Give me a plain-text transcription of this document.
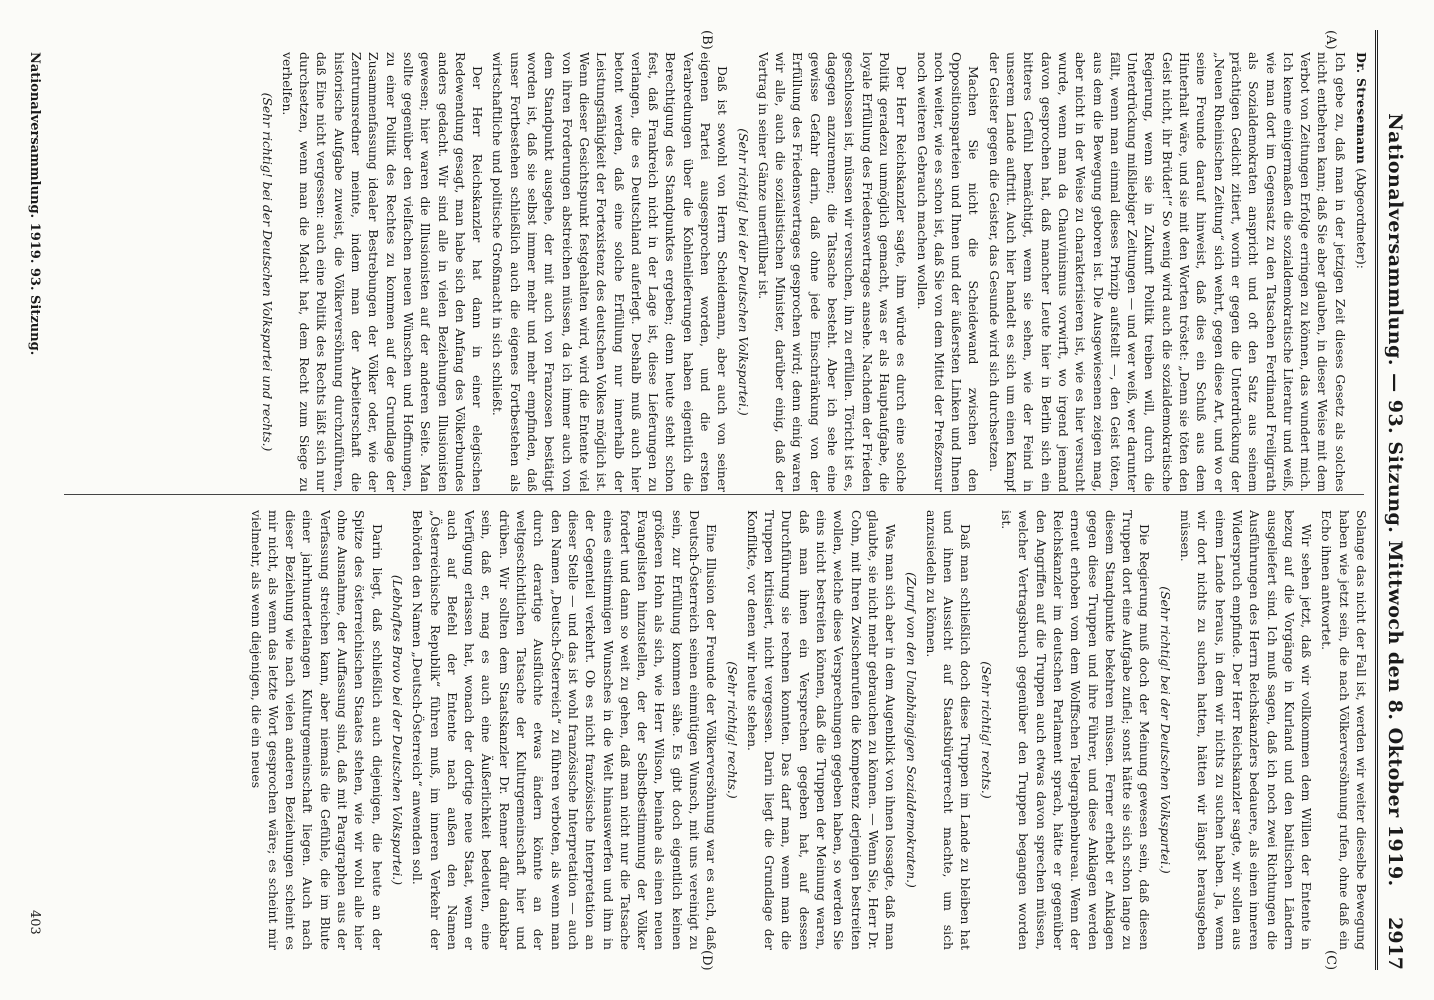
Nationalversammlung. — 93. Sitzung. Mittwoch den 8. Oktober 1919.
2917
(A)
(B)
(C)
(D)
Dr. Stresemann (Abgeordneter):

Ich gebe zu, daß man in der jetzigen Zeit dieses Gesetz als solches nicht entbehren kann; daß Sie aber glauben, in dieser Weise mit dem Verbot von Zeitungen Erfolge erringen zu können, das wundert mich. Ich kenne einigermaßen die sozialdemokratische Literatur und weiß, wie man dort im Gegensatz zu den Tatsachen Ferdinand Freiligrath als Sozialdemokraten anspricht und oft den Satz aus seinem prächtigen Gedicht zitiert, worin er gegen die Unterdrückung der „Neuen Rheinischen Zeitung“ sich wehrt, gegen diese Art, und wo er seine Freunde darauf hinweist, daß dies ein Schuß aus dem Hinterhalt wäre, und sie mit den Worten tröstet: „Denn sie töten den Geist nicht, ihr Brüder!“ So wenig wird auch die sozialdemokratische Regierung, wenn sie in Zukunft Politik treiben will, durch die Unterdrückung mißliebiger Zeitungen — und wer weiß, wer darunter fällt, wenn man einmal dieses Prinzip aufstellt —, den Geist töten, aus dem die Bewegung geboren ist. Die Ausgewiesenen zeigen mag, aber nicht in der Weise zu charakterisieren ist, wie es hier versucht wurde, wenn man da Chauvinismus vorwirft, wo irgend jemand davon gesprochen hat, daß mancher Leute hier in Berlin sich ein bitteres Gefühl bemächtigt, wenn sie sehen, wie der Feind in unserem Lande auftritt. Auch hier handelt es sich um einen Kampf der Geister gegen die Geister, das Gesunde wird sich durchsetzen.

Machen Sie nicht die Scheidewand zwischen den Oppositionsparteien und Ihnen und der äußersten Linken und Ihnen noch weiter, wie es schon ist, daß Sie von dem Mittel der Preßzensur noch weiteren Gebrauch machen wollen.

Der Herr Reichskanzler sagte, ihm würde es durch eine solche Politik geradezu unmöglich gemacht, was er als Hauptaufgabe, die loyale Erfüllung des Friedensvertrages ansehe. Nachdem der Frieden geschlossen ist, müssen wir versuchen, ihn zu erfüllen. Töricht ist es, dagegen anzurennen; die Tatsache besteht. Aber ich sehe eine gewisse Gefahr darin, daß ohne jede Einschränkung von der Erfüllung des Friedensvertrages gesprochen wird; denn einig waren wir alle, auch die sozialistischen Minister, darüber einig, daß der Vertrag in seiner Gänze unerfüllbar ist.

(Sehr richtig! bei der Deutschen Volkspartei.)

Daß ist sowohl von Herrn Scheidemann, aber auch von seiner eigenen Partei ausgesprochen worden, und die ersten Verabredungen über die Kohlenlieferungen haben eigentlich die Berechtigung des Standpunktes ergeben; denn heute steht schon fest, daß Frankreich nicht in der Lage ist, diese Lieferungen zu verlangen, die es Deutschland auferlegt. Deshalb muß auch hier betont werden, daß eine solche Erfüllung nur innerhalb der Leistungsfähigkeit der Fortexistenz des deutschen Volkes möglich ist. Wenn dieser Gesichtspunkt festgehalten wird, wird die Entente viel von ihren Forderungen abstreichen müssen, da ich immer auch von dem Standpunkt ausgehe, der mit auch von Franzosen bestätigt worden ist, daß sie selbst immer mehr und mehr empfinden, daß unser Fortbestehen schließlich auch die eigenes Fortbestehen als wirtschaftliche und politische Großmacht in sich schließt.

Der Herr Reichskanzler hat dann in einer elegischen Redewendung gesagt, man habe sich den Anfang des Völkerbundes anders gedacht. Wir sind alle in vielen Beziehungen Illusionisten gewesen; hier waren die Illusionisten auf der anderen Seite. Man sollte gegenüber den vielfachen neuen Wünschen und Hoffnungen, zu einer Politik des Rechtes zu kommen auf der Grundlage der Zusammenfassung idealer Bestrebungen der Völker oder, wie der Zentrumsredner meinte, indem man der Arbeiterschaft die historische Aufgabe zuweist, die Völkerversöhnung durchzuführen, daß Eine nicht vergessen: auch eine Politik des Rechts läßt sich nur durchsetzen, wenn man die Macht hat, dem Recht zum Siege zu verhelfen.

(Sehr richtig! bei der Deutschen Volkspartei und rechts.)

Solange das nicht der Fall ist, werden wir weiter dieselbe Bewegung haben wie jetzt sein, die nach Völkerversöhnung rufen, ohne daß ein Echo ihnen antwortet.

Wir sehen jetzt, daß wir vollkommen dem Willen der Entente in bezug auf die Vorgänge in Kurland und den baltischen Ländern ausgeliefert sind. Ich muß sagen, daß ich noch zwei Richtungen die Ausführungen des Herrn Reichskanzlers bedauere, als einen inneren Widerspruch empfinde. Der Herr Reichskanzler sagte, wir sollen aus einem Lande heraus, in dem wir nichts zu suchen haben. Ja, wenn wir dort nichts zu suchen hatten, hätten wir längst herausgeben müssen.

(Sehr richtig! bei der Deutschen Volkspartei.)

Die Regierung muß doch der Meinung gewesen sein, daß diesen Truppen dort eine Aufgabe zufiel; sonst hätte sie sich schon lange zu diesem Standpunkte bekehren müssen. Ferner erhebt er Anklagen gegen diese Truppen und ihre Führer, und diese Anklagen werden erneut erhoben vom dem Wolffschen Telegraphenbureau. Wenn der Reichskanzler im deutschen Parlament sprach, hätte er gegenüber den Angriffen auf die Truppen auch etwas davon sprechen müssen, welcher Vertragsbruch gegenüber den Truppen begangen worden ist.

(Sehr richtig! rechts.)

Daß man schließlich doch diese Truppen im Lande zu bleiben hat und ihnen Aussicht auf Staatsbürgerrecht machte, um sich anzusiedeln zu können.

(Zuruf von den Unabhängigen Sozialdemokraten.)

Was man sich aber in dem Augenblick von ihnen lossagte, daß man glaubte, sie nicht mehr gebrauchen zu können. — Wenn Sie, Herr Dr. Cohn, mit Ihren Zwischenrufen die Kompetenz derjenigen bestreiten wollen, welche diese Versprechungen gegeben haben, so werden Sie eins nicht bestreiten können, daß die Truppen der Meinung waren, daß man ihnen ein Versprechen gegeben hat, auf dessen Durchführung sie rechnen konnten. Das darf man, wenn man die Truppen kritisiert, nicht vergessen. Darin liegt die Grundlage der Konflikte, vor denen wir heute stehen.

(Sehr richtig! rechts.)

Eine Illusion der Freunde der Völkerversöhnung war es auch, daß Deutsch-Österreich seinen einmütigen Wunsch, mit uns vereinigt zu sein, zur Erfüllung kommen sähe. Es gibt doch eigentlich keinen größeren Hohn als sich, wie Herr Wilson, beinahe als einen neuen Evangelisten hinzustellen, der der Selbstbestimmung der Völker fordert und dann so weit zu gehen, daß man nicht nur die Tatsache eines einstimmigen Wunsches in die Welt hinauswerfen und ihm in der Gegenteil verkehrt. Ob es nicht französische Interpretation an dieser Stelle — und das ist wohl französische Interpretation — auch den Namen „Deutsch-Österreich“ zu führen verboten, als wenn man durch derartige Ausflüchte etwas ändern könnte an der weltgeschichtlichen Tatsache der Kulturgemeinschaft hier und drüben. Wir sollten dem Staatskanzler Dr. Renner dafür dankbar sein, daß er, mag es auch eine Äußerlichkeit bedeuten, eine Verfügung erlassen hat, wonach der dortige neue Staat, wenn er auch auf Befehl der Entente nach außen den Namen „Österreichische Republik“ führen muß, im inneren Verkehr der Behörden den Namen „Deutsch-Österreich“ anwenden soll.

(Lebhaftes Bravo bei der Deutschen Volkspartei.)

Darin liegt, daß schließlich auch diejenigen, die heute an der Spitze des österreichischen Staates stehen, wie wir wohl alle hier ohne Ausnahme, der Auffassung sind, daß mit Paragraphen aus der Verfassung streichen kann, aber niemals die Gefühle, die im Blute einer jahrhundertelangen Kulturgemeinschaft liegen. Auch nach dieser Beziehung wie nach vielen anderen Beziehungen scheint es mir nicht, als wenn das letzte Wort gesprochen wäre; es scheint mir vielmehr, als wenn diejenigen, die ein neues

Nationalversammlung. 1919. 93. Sitzung.
403
